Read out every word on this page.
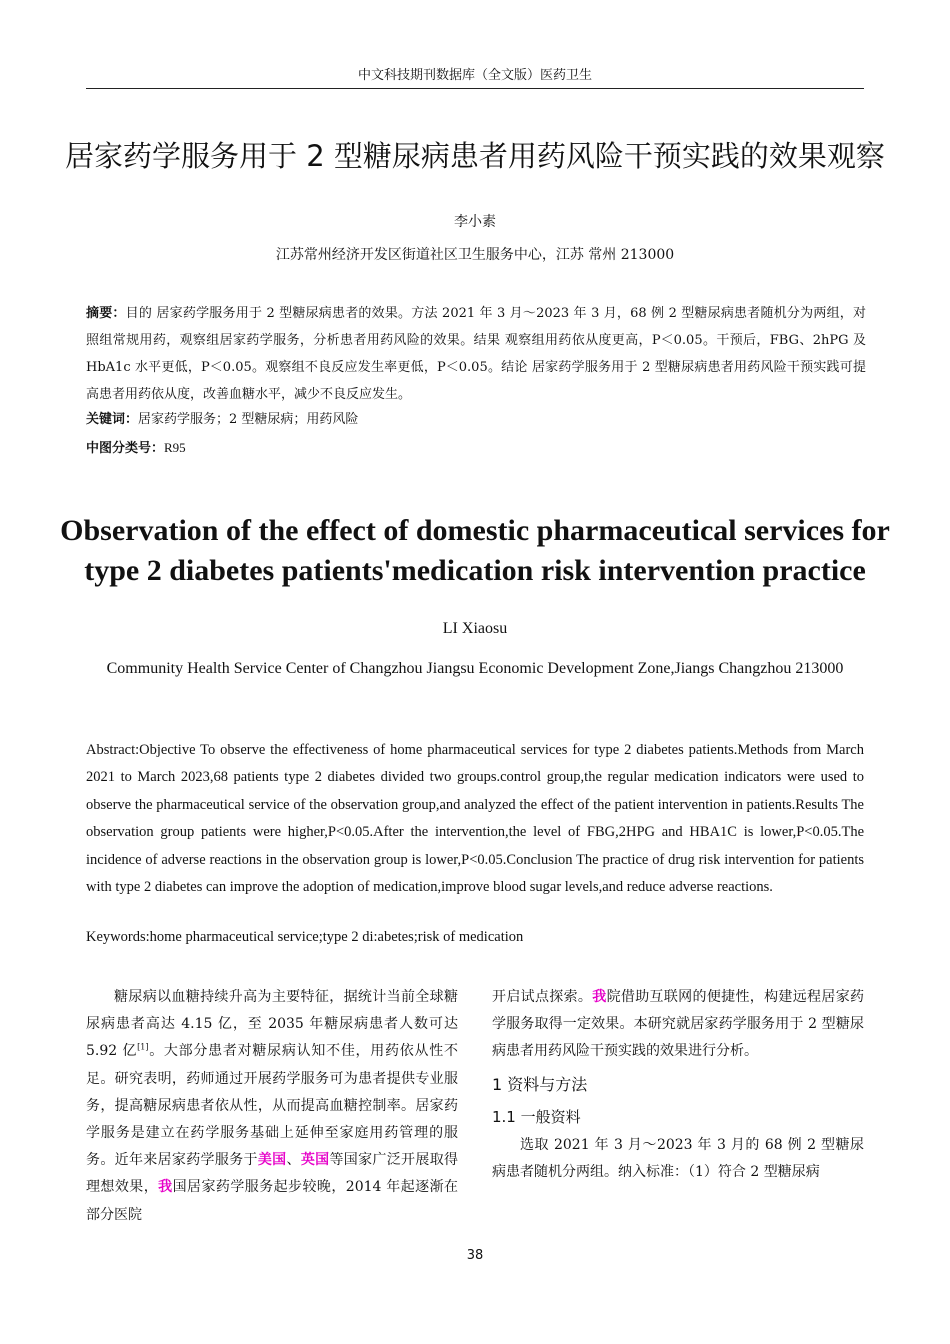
中文科技期刊数据库（全文版）医药卫生
居家药学服务用于 2 型糖尿病患者用药风险干预实践的效果观察
李小素
江苏常州经济开发区街道社区卫生服务中心，江苏 常州 213000
摘要：目的 居家药学服务用于 2 型糖尿病患者的效果。方法 2021 年 3 月～2023 年 3 月，68 例 2 型糖尿病患者随机分为两组，对照组常规用药，观察组居家药学服务，分析患者用药风险的效果。结果 观察组用药依从度更高，P＜0.05。干预后，FBG、2hPG 及 HbA1c 水平更低，P＜0.05。观察组不良反应发生率更低，P＜0.05。结论 居家药学服务用于 2 型糖尿病患者用药风险干预实践可提高患者用药依从度，改善血糖水平，减少不良反应发生。
关键词：居家药学服务；2 型糖尿病；用药风险
中图分类号：R95
Observation of the effect of domestic pharmaceutical services for type 2 diabetes patients'medication risk intervention practice
LI Xiaosu
Community Health Service Center of Changzhou Jiangsu Economic Development Zone,Jiangs Changzhou 213000
Abstract:Objective To observe the effectiveness of home pharmaceutical services for type 2 diabetes patients.Methods from March 2021 to March 2023,68 patients type 2 diabetes divided two groups.control group,the regular medication indicators were used to observe the pharmaceutical service of the observation group,and analyzed the effect of the patient intervention in patients.Results The observation group patients were higher,P<0.05.After the intervention,the level of FBG,2HPG and HBA1C is lower,P<0.05.The incidence of adverse reactions in the observation group is lower,P<0.05.Conclusion The practice of drug risk intervention for patients with type 2 diabetes can improve the adoption of medication,improve blood sugar levels,and reduce adverse reactions.
Keywords:home pharmaceutical service;type 2 di:abetes;risk of medication

糖尿病以血糖持续升高为主要特征，据统计当前全球糖尿病患者高达 4.15 亿，至 2035 年糖尿病患者人数可达 5.92 亿[1]。大部分患者对糖尿病认知不佳，用药依从性不足。研究表明，药师通过开展药学服务可为患者提供专业服务，提高糖尿病患者依从性，从而提高血糖控制率。居家药学服务是建立在药学服务基础上延伸至家庭用药管理的服务。近年来居家药学服务于美国、英国等国家广泛开展取得理想效果，我国居家药学服务起步较晚，2014 年起逐渐在部分医院

开启试点探索。我院借助互联网的便捷性，构建远程居家药学服务取得一定效果。本研究就居家药学服务用于 2 型糖尿病患者用药风险干预实践的效果进行分析。

1 资料与方法
1.1 一般资料

选取 2021 年 3 月～2023 年 3 月的 68 例 2 型糖尿病患者随机分两组。纳入标准：（1）符合 2 型糖尿病

38
